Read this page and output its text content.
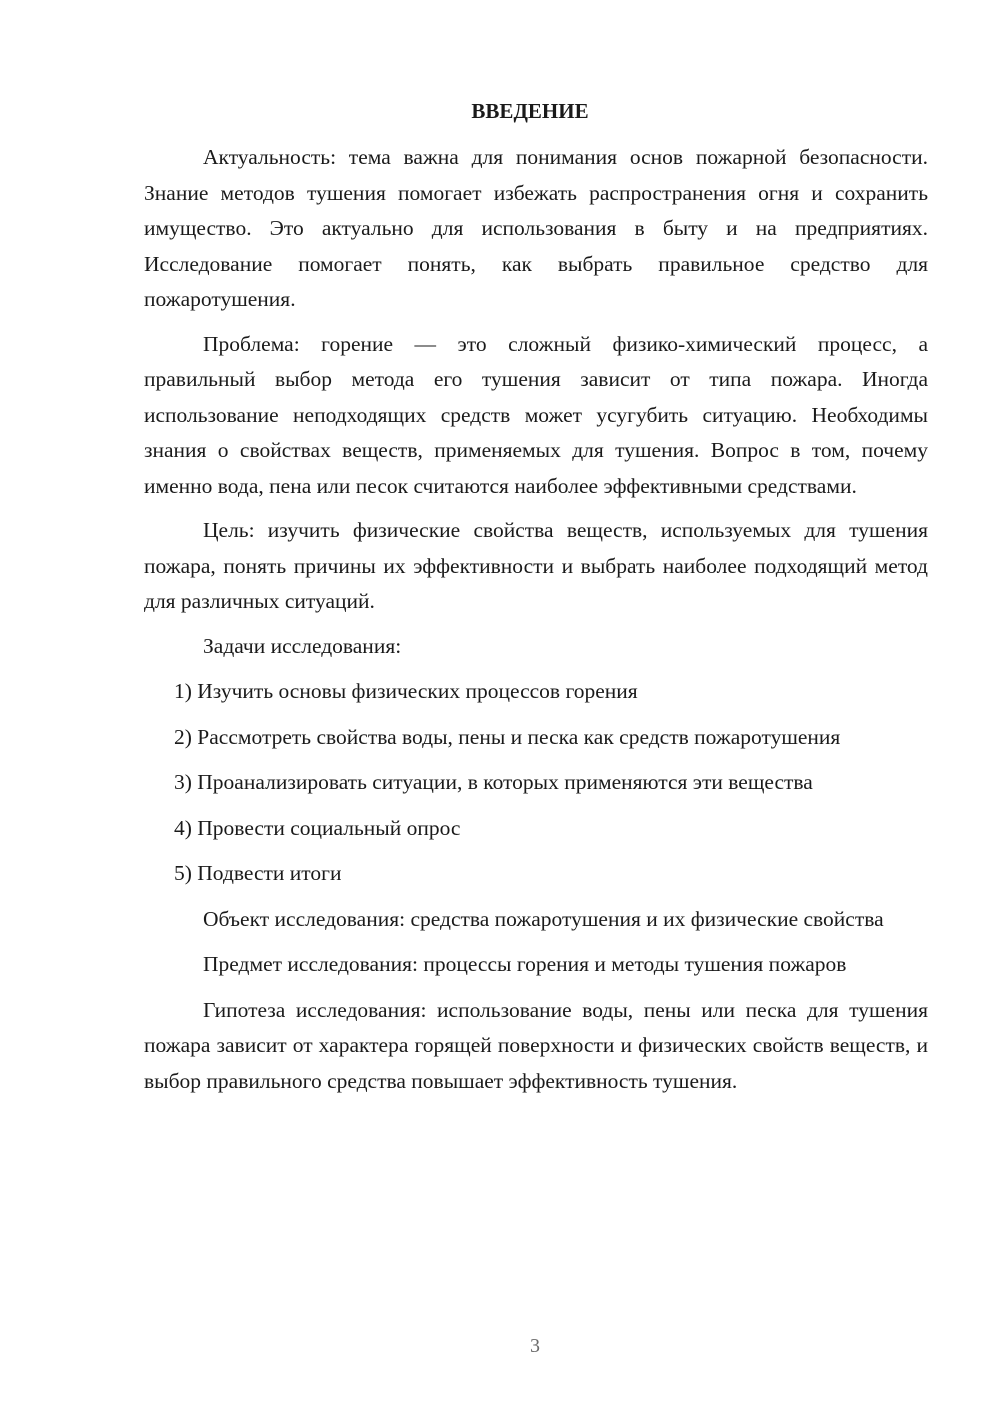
ВВЕДЕНИЕ

Актуальность: тема важна для понимания основ пожарной безопасности. Знание методов тушения помогает избежать распространения огня и сохранить имущество. Это актуально для использования в быту и на предприятиях. Исследование помогает понять, как выбрать правильное средство для пожаротушения.

Проблема: горение — это сложный физико-химический процесс, а правильный выбор метода его тушения зависит от типа пожара. Иногда использование неподходящих средств может усугубить ситуацию. Необходимы знания о свойствах веществ, применяемых для тушения. Вопрос в том, почему именно вода, пена или песок считаются наиболее эффективными средствами.

Цель: изучить физические свойства веществ, используемых для тушения пожара, понять причины их эффективности и выбрать наиболее подходящий метод для различных ситуаций.

Задачи исследования:

1) Изучить основы физических процессов горения

2) Рассмотреть свойства воды, пены и песка как средств пожаротушения

3) Проанализировать ситуации, в которых применяются эти вещества

4) Провести социальный опрос

5) Подвести итоги

Объект исследования: средства пожаротушения и их физические свойства

Предмет исследования: процессы горения и методы тушения пожаров

Гипотеза исследования: использование воды, пены или песка для тушения пожара зависит от характера горящей поверхности и физических свойств веществ, и выбор правильного средства повышает эффективность тушения.

3
